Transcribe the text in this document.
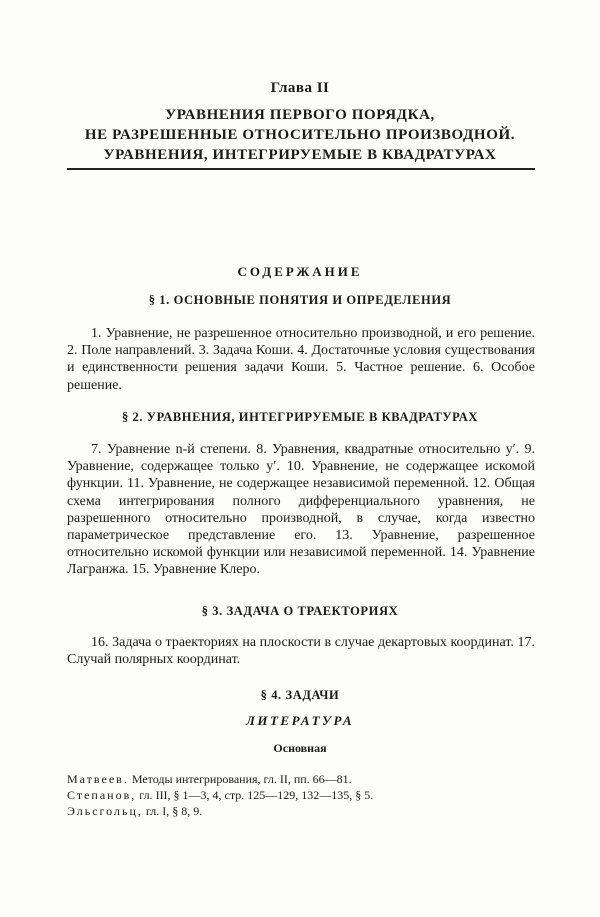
Глава II
УРАВНЕНИЯ ПЕРВОГО ПОРЯДКА,
НЕ РАЗРЕШЕННЫЕ ОТНОСИТЕЛЬНО ПРОИЗВОДНОЙ.
УРАВНЕНИЯ, ИНТЕГРИРУЕМЫЕ В КВАДРАТУРАХ
СОДЕРЖАНИЕ
§ 1. ОСНОВНЫЕ ПОНЯТИЯ И ОПРЕДЕЛЕНИЯ
1. Уравнение, не разрешенное относительно производной, и его решение. 2. Поле направлений. 3. Задача Коши. 4. Достаточные условия существования и единственности решения задачи Коши. 5. Частное решение. 6. Особое решение.
§ 2. УРАВНЕНИЯ, ИНТЕГРИРУЕМЫЕ В КВАДРАТУРАХ
7. Уравнение n-й степени. 8. Уравнения, квадратные относительно y′. 9. Уравнение, содержащее только y′. 10. Уравнение, не содержащее искомой функции. 11. Уравнение, не содержащее независимой переменной. 12. Общая схема интегрирования полного дифференциального уравнения, не разрешенного относительно производной, в случае, когда известно параметрическое представление его. 13. Уравнение, разрешенное относительно искомой функции или независимой переменной. 14. Уравнение Лагранжа. 15. Уравнение Клеро.
§ 3. ЗАДАЧА О ТРАЕКТОРИЯХ
16. Задача о траекториях на плоскости в случае декартовых координат. 17. Случай полярных координат.
§ 4. ЗАДАЧИ
ЛИТЕРАТУРА
Основная
Матвеев. Методы интегрирования, гл. II, пп. 66—81.
Степанов, гл. III, § 1—3, 4, стр. 125—129, 132—135, § 5.
Эльсгольц, гл. I, § 8, 9.
